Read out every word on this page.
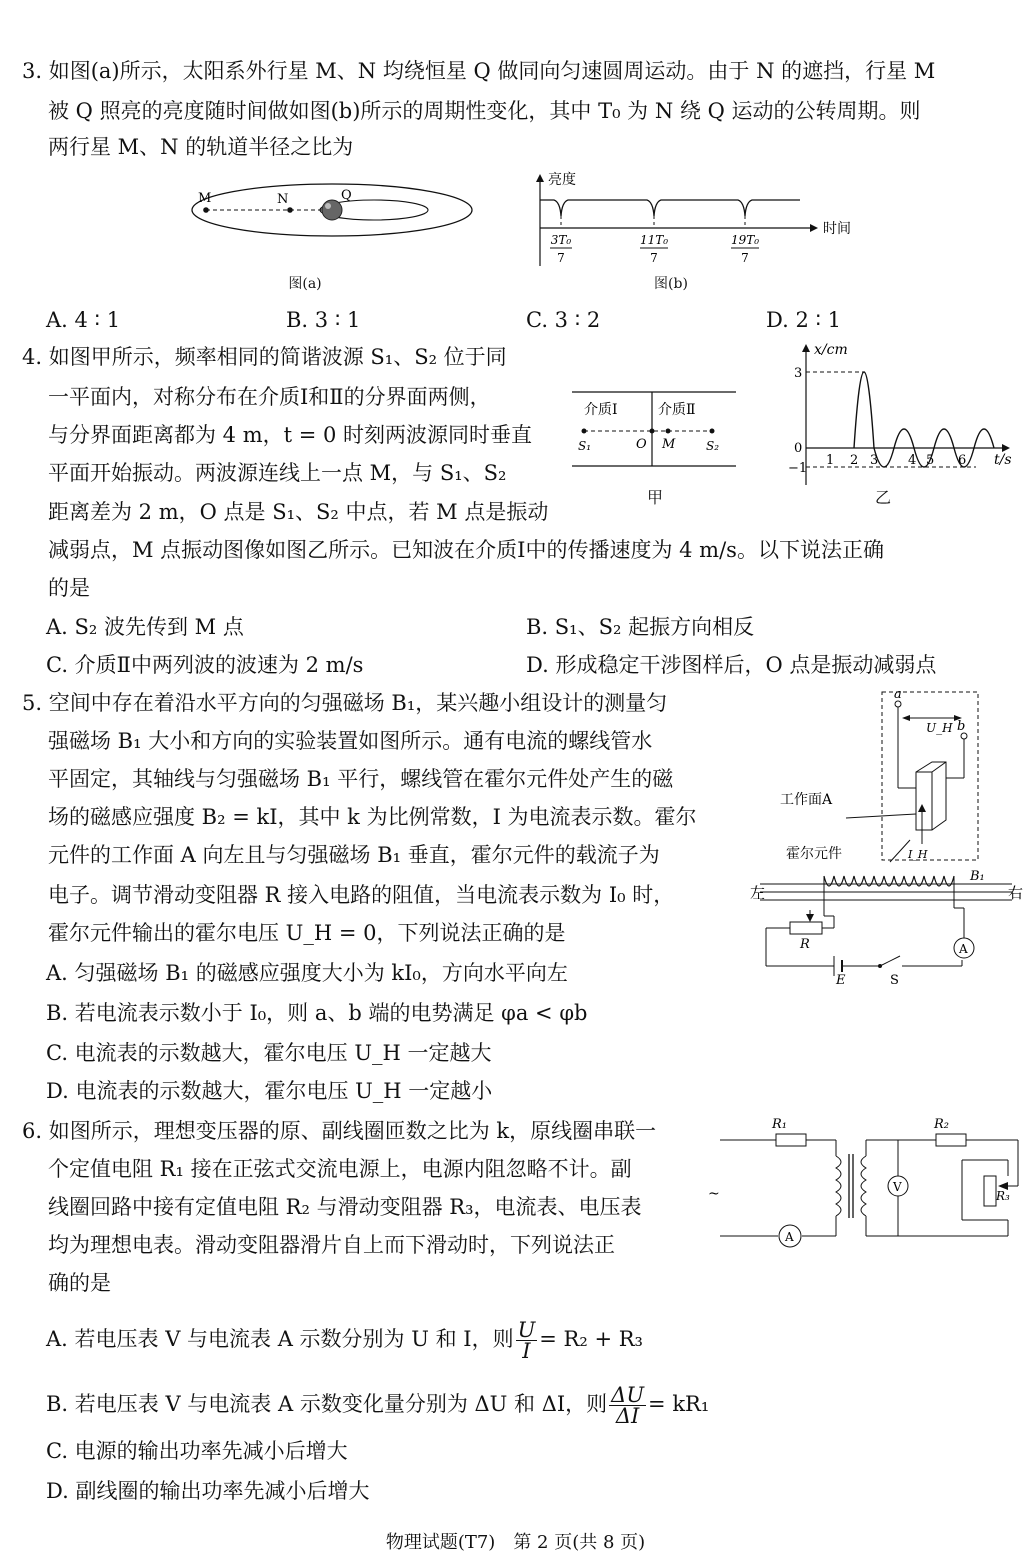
3. 如图(a)所示，太阳系外行星 M、N 均绕恒星 Q 做同向匀速圆周运动。由于 N 的遮挡，行星 M
被 Q 照亮的亮度随时间做如图(b)所示的周期性变化，其中 T₀ 为 N 绕 Q 运动的公转周期。则
两行星 M、N 的轨道半径之比为
M	N	Q
图(a)
亮度
时间
3T₀
7
11T₀
7
19T₀
7
图(b)
A. 4 ∶ 1	B. 3 ∶ 1	C. 3 ∶ 2	D. 2 ∶ 1
4. 如图甲所示，频率相同的简谐波源 S₁、S₂ 位于同
一平面内，对称分布在介质Ⅰ和Ⅱ的分界面两侧，
与分界面距离都为 4 m，t = 0 时刻两波源同时垂直
平面开始振动。两波源连线上一点 M，与 S₁、S₂
距离差为 2 m，O 点是 S₁、S₂ 中点，若 M 点是振动
减弱点，M 点振动图像如图乙所示。已知波在介质Ⅰ中的传播速度为 4 m/s。以下说法正确
的是
介质Ⅰ	介质Ⅱ
S₁	O M	S₂
甲
x/cm
t/s
3
0
−1
1 2 3 4 5 6
乙
A. S₂ 波先传到 M 点	B. S₁、S₂ 起振方向相反
C. 介质Ⅱ中两列波的波速为 2 m/s	D. 形成稳定干涉图样后，O 点是振动减弱点
5. 空间中存在着沿水平方向的匀强磁场 B₁，某兴趣小组设计的测量匀
强磁场 B₁ 大小和方向的实验装置如图所示。通有电流的螺线管水
平固定，其轴线与匀强磁场 B₁ 平行，螺线管在霍尔元件处产生的磁
场的磁感应强度 B₂ = kI，其中 k 为比例常数，I 为电流表示数。霍尔
元件的工作面 A 向左且与匀强磁场 B₁ 垂直，霍尔元件的载流子为
电子。调节滑动变阻器 R 接入电路的阻值，当电流表示数为 I₀ 时，
霍尔元件输出的霍尔电压 U_H = 0，下列说法正确的是
a
b
U_H
I_H
工作面A
霍尔元件
左	右
B₁
R
E	S
A
A. 匀强磁场 B₁ 的磁感应强度大小为 kI₀，方向水平向左
B. 若电流表示数小于 I₀，则 a、b 端的电势满足 φa < φb
C. 电流表的示数越大，霍尔电压 U_H 一定越大
D. 电流表的示数越大，霍尔电压 U_H 一定越小
6. 如图所示，理想变压器的原、副线圈匝数之比为 k，原线圈串联一
个定值电阻 R₁ 接在正弦式交流电源上，电源内阻忽略不计。副
线圈回路中接有定值电阻 R₂ 与滑动变阻器 R₃，电流表、电压表
均为理想电表。滑动变阻器滑片自上而下滑动时，下列说法正
确的是
R₁	R₂
R₃
V
A
~
A. 若电压表 V 与电流表 A 示数分别为 U 和 I，则 $\frac{U}{I} = R_2 + R_3$
B. 若电压表 V 与电流表 A 示数变化量分别为 ΔU 和 ΔI，则 $\frac{\Delta U}{\Delta I} = kR_1$
C. 电源的输出功率先减小后增大
D. 副线圈的输出功率先减小后增大
物理试题(T7)　第 2 页(共 8 页)
